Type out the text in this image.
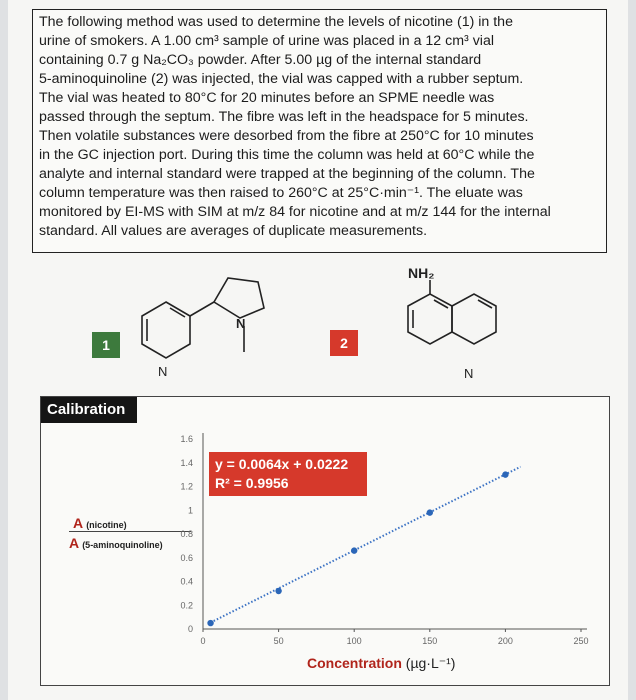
The following method was used to determine the levels of nicotine (1) in the

urine of smokers. A 1.00 cm³ sample of urine was placed in a 12 cm³ vial

containing 0.7 g Na₂CO₃ powder. After 5.00 µg of the internal standard

5-aminoquinoline (2) was injected, the vial was capped with a rubber septum.

The vial was heated to 80°C for 20 minutes before an SPME needle was

passed through the septum. The fibre was left in the headspace for 5 minutes.

Then volatile substances were desorbed from the fibre at 250°C for 10 minutes

in the GC injection port. During this time the column was held at 60°C while the

analyte and internal standard were trapped at the beginning of the column. The

column temperature was then raised to 260°C at 25°C·min⁻¹. The eluate was

monitored by EI-MS with SIM at m/z 84 for nicotine and at m/z 144 for the internal

standard. All values are averages of duplicate measurements.

1
N
N
2
NH₂
N
Calibration
A (nicotine)
A (5-aminoquinoline)
0
0.2
0.4
0.6
0.8
1
1.2
1.4
1.6
0	50	100	150	200	250
y = 0.0064x + 0.0222
R² = 0.9956
Concentration (µg·L⁻¹)
